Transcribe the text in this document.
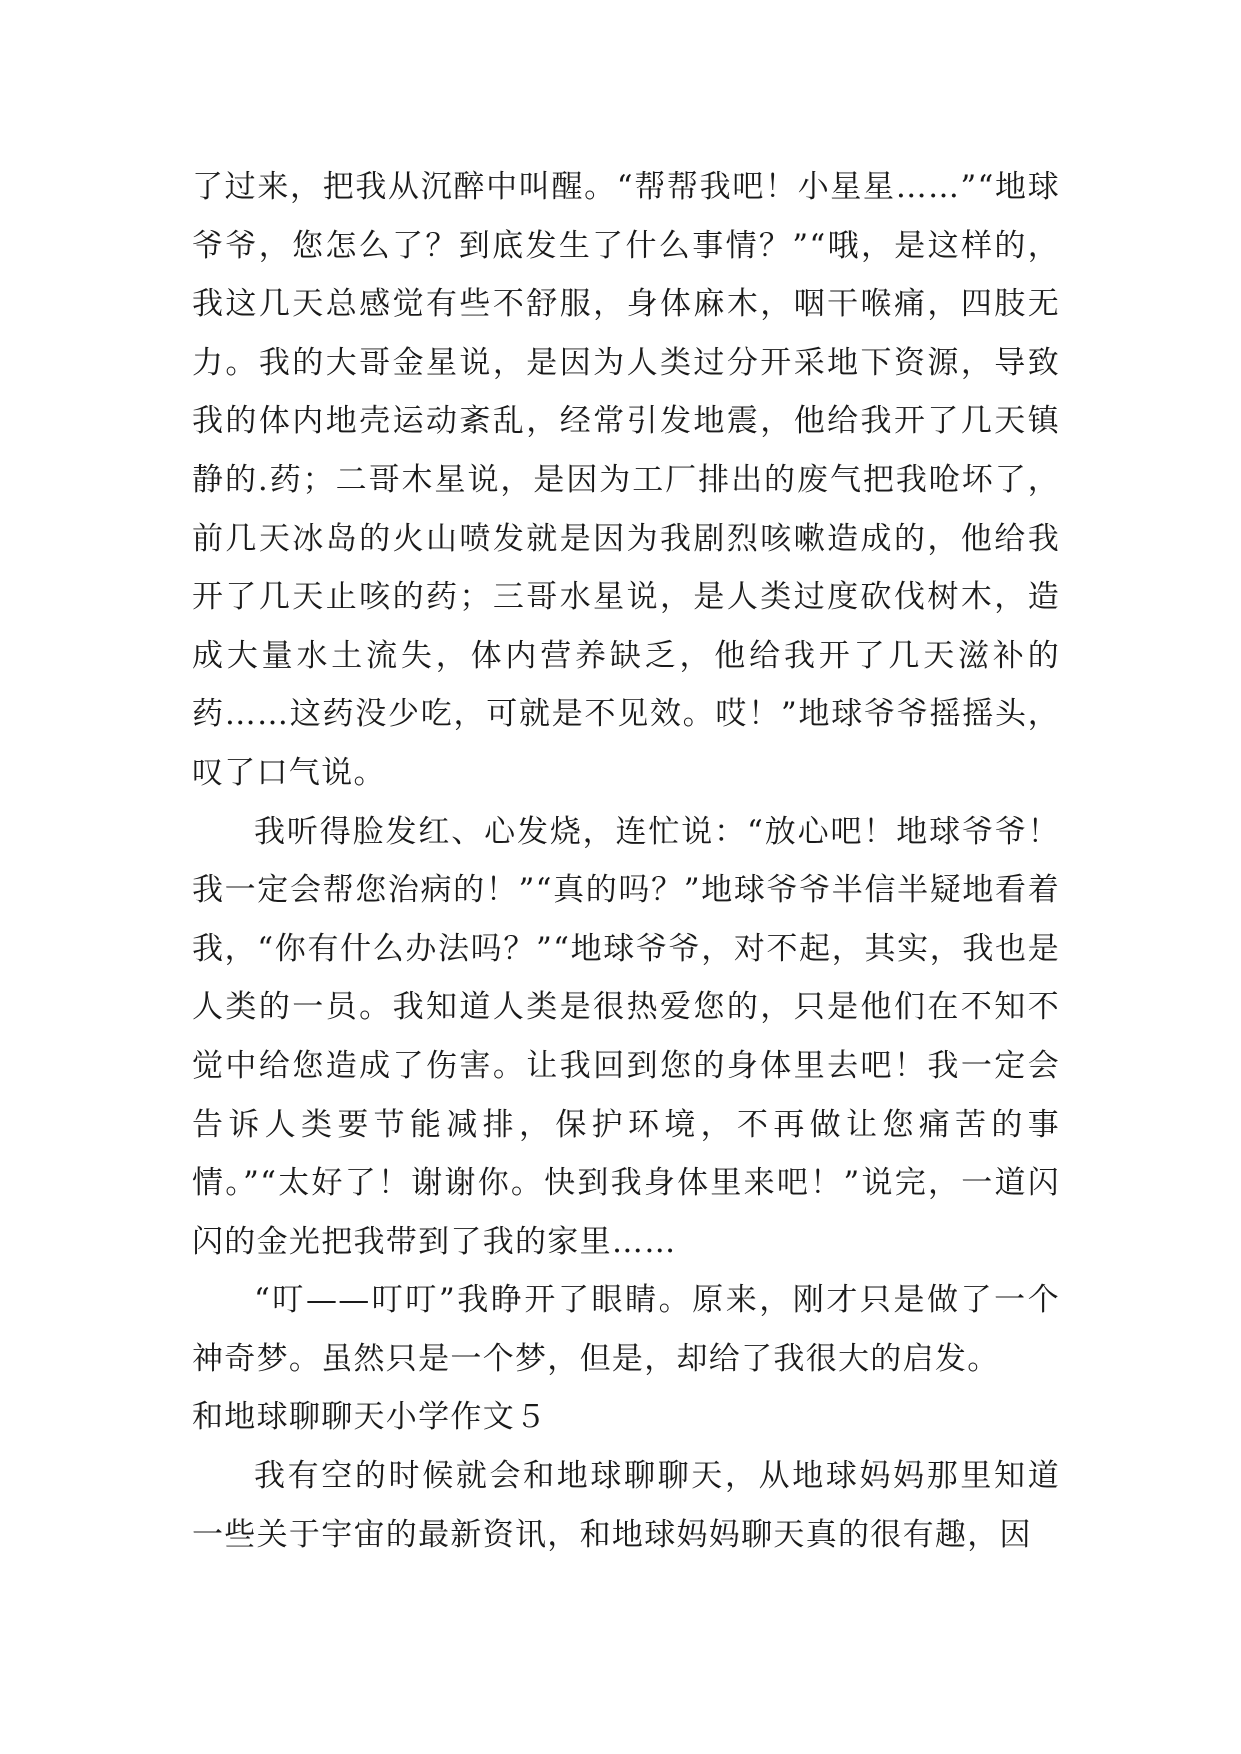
了过来，把我从沉醉中叫醒。“帮帮我吧！小星星……”“地球爷爷，您怎么了？到底发生了什么事情？”“哦，是这样的，我这几天总感觉有些不舒服，身体麻木，咽干喉痛，四肢无力。我的大哥金星说，是因为人类过分开采地下资源，导致我的体内地壳运动紊乱，经常引发地震，他给我开了几天镇静的.药；二哥木星说，是因为工厂排出的废气把我呛坏了，前几天冰岛的火山喷发就是因为我剧烈咳嗽造成的，他给我开了几天止咳的药；三哥水星说，是人类过度砍伐树木，造成大量水土流失，体内营养缺乏，他给我开了几天滋补的药……这药没少吃，可就是不见效。哎！”地球爷爷摇摇头，叹了口气说。

我听得脸发红、心发烧，连忙说：“放心吧！地球爷爷！我一定会帮您治病的！”“真的吗？”地球爷爷半信半疑地看着我，“你有什么办法吗？”“地球爷爷，对不起，其实，我也是人类的一员。我知道人类是很热爱您的，只是他们在不知不觉中给您造成了伤害。让我回到您的身体里去吧！我一定会告诉人类要节能减排，保护环境，不再做让您痛苦的事情。”“太好了！谢谢你。快到我身体里来吧！”说完，一道闪闪的金光把我带到了我的家里……

“叮——叮叮”我睁开了眼睛。原来，刚才只是做了一个神奇梦。虽然只是一个梦，但是，却给了我很大的启发。

和地球聊聊天小学作文５

我有空的时候就会和地球聊聊天，从地球妈妈那里知道一些关于宇宙的最新资讯，和地球妈妈聊天真的很有趣，因
